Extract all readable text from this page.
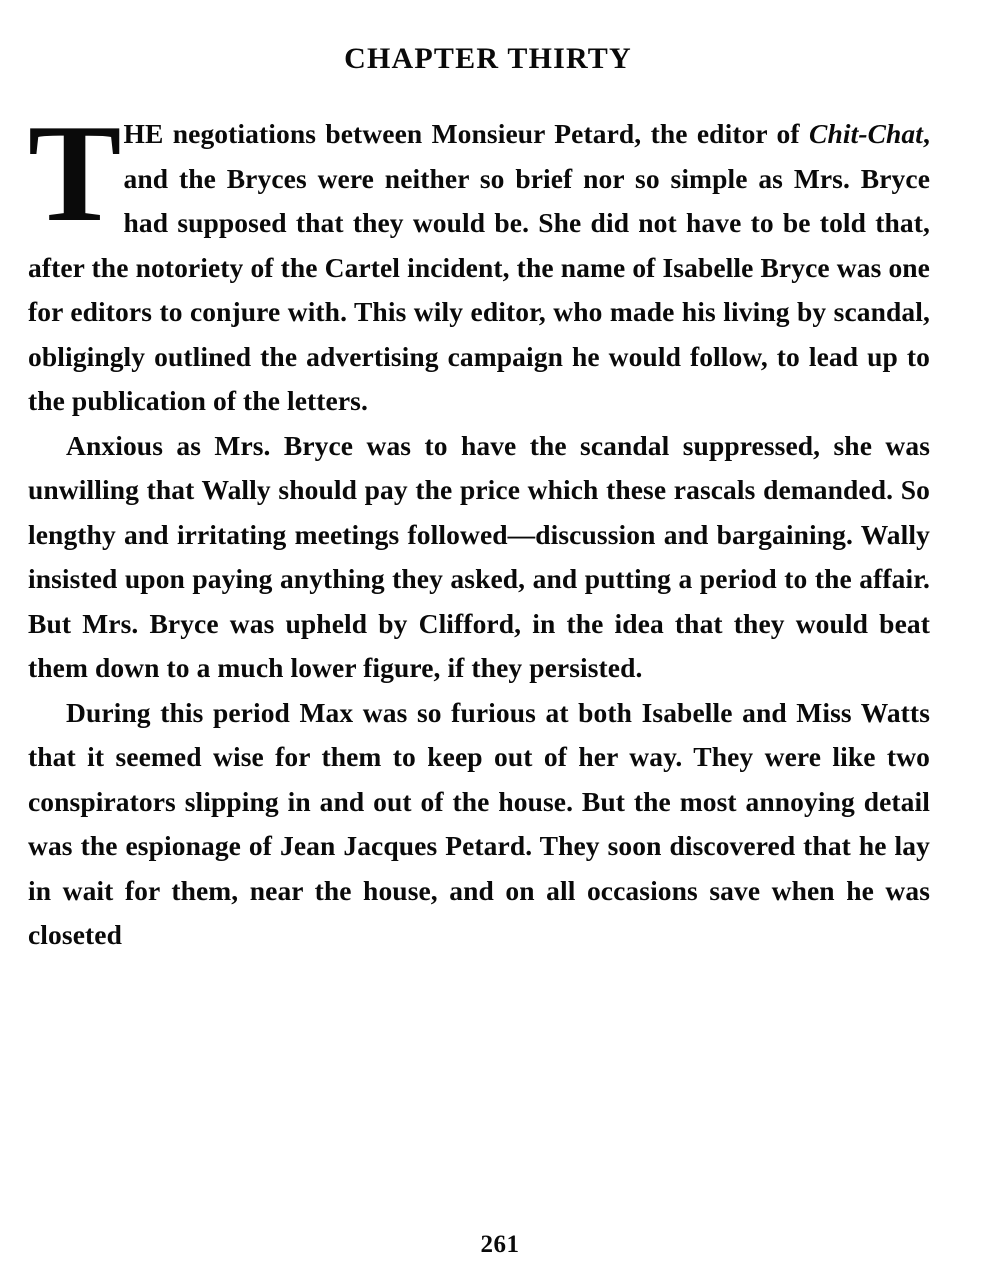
CHAPTER THIRTY

THE negotiations between Monsieur Petard, the editor of Chit-Chat, and the Bryces were neither so brief nor so simple as Mrs. Bryce had supposed that they would be. She did not have to be told that, after the notoriety of the Cartel incident, the name of Isabelle Bryce was one for editors to conjure with. This wily editor, who made his living by scandal, obligingly outlined the advertising campaign he would follow, to lead up to the publication of the letters.

Anxious as Mrs. Bryce was to have the scandal suppressed, she was unwilling that Wally should pay the price which these rascals demanded. So lengthy and irritating meetings followed—discussion and bargaining. Wally insisted upon paying anything they asked, and putting a period to the affair. But Mrs. Bryce was upheld by Clifford, in the idea that they would beat them down to a much lower figure, if they persisted.

During this period Max was so furious at both Isabelle and Miss Watts that it seemed wise for them to keep out of her way. They were like two conspirators slipping in and out of the house. But the most annoying detail was the espionage of Jean Jacques Petard. They soon discovered that he lay in wait for them, near the house, and on all occasions save when he was closeted

261
